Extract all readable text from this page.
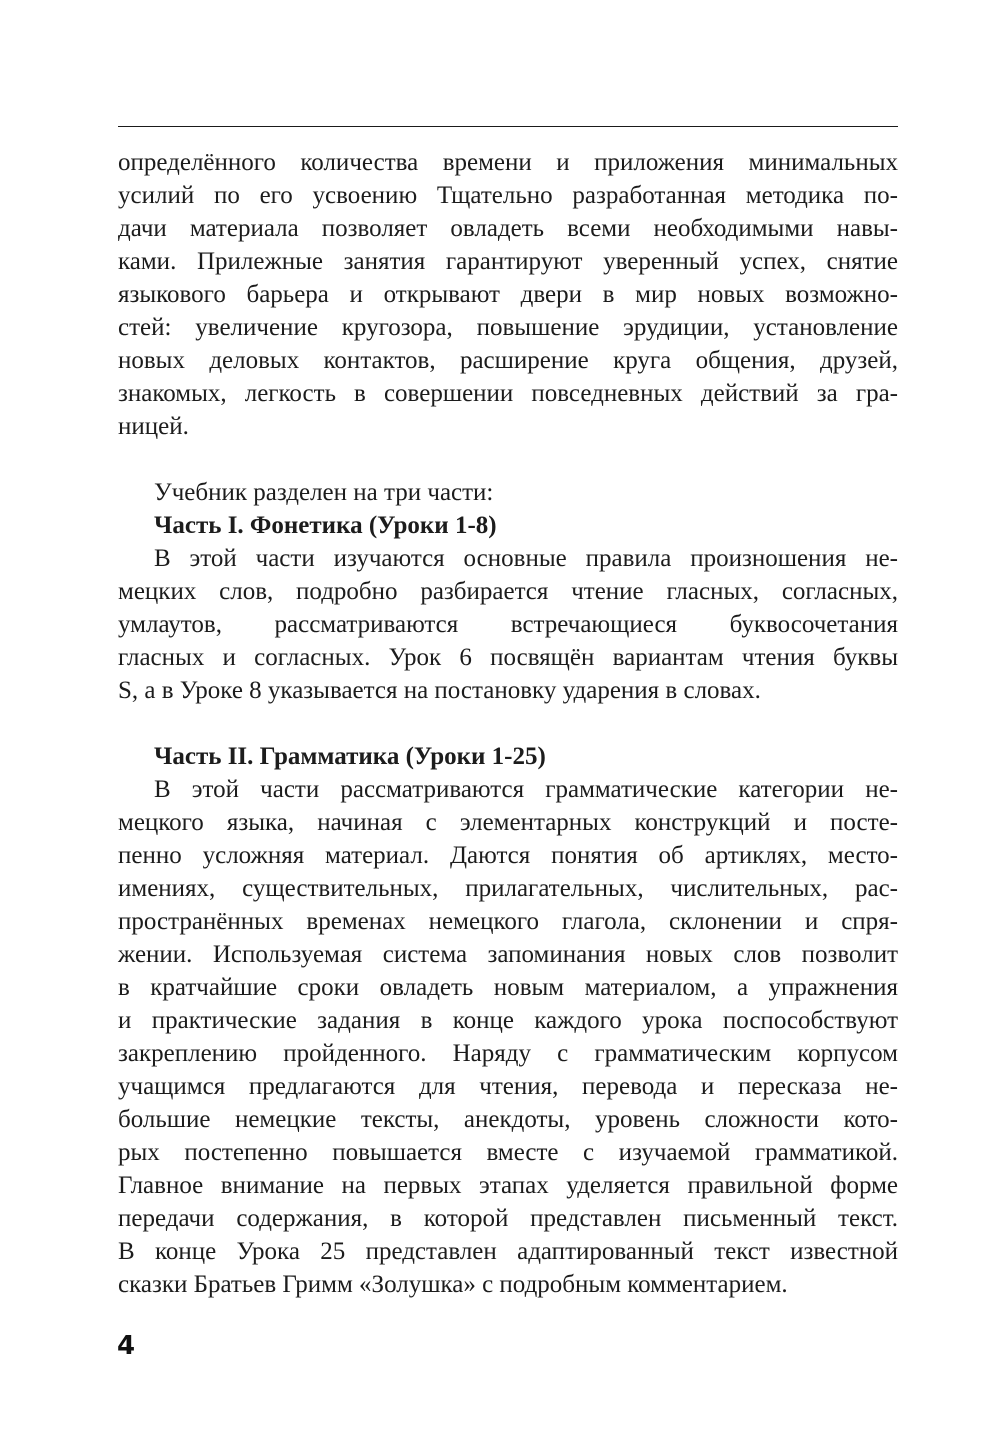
определённого количества времени и приложения минимальных
усилий по его усвоению Тщательно разработанная методика по-
дачи материала позволяет овладеть всеми необходимыми навы-
ками. Прилежные занятия гарантируют уверенный успех, снятие
языкового барьера и открывают двери в мир новых возможно-
стей: увеличение кругозора, повышение эрудиции, установление
новых деловых контактов, расширение круга общения, друзей,
знакомых, легкость в совершении повседневных действий за гра-
ницей.
Учебник разделен на три части:
Часть I. Фонетика (Уроки 1-8)
В этой части изучаются основные правила произношения не-
мецких слов, подробно разбирается чтение гласных, согласных,
умлаутов, рассматриваются встречающиеся буквосочетания
гласных и согласных. Урок 6 посвящён вариантам чтения буквы
S, а в Уроке 8 указывается на постановку ударения в словах.
Часть II. Грамматика (Уроки 1-25)
В этой части рассматриваются грамматические категории не-
мецкого языка, начиная с элементарных конструкций и посте-
пенно усложняя материал. Даются понятия об артиклях, место-
имениях, существительных, прилагательных, числительных, рас-
пространённых временах немецкого глагола, склонении и спря-
жении. Используемая система запоминания новых слов позволит
в кратчайшие сроки овладеть новым материалом, а упражнения
и практические задания в конце каждого урока поспособствуют
закреплению пройденного. Наряду с грамматическим корпусом
учащимся предлагаются для чтения, перевода и пересказа не-
большие немецкие тексты, анекдоты, уровень сложности кото-
рых постепенно повышается вместе с изучаемой грамматикой.
Главное внимание на первых этапах уделяется правильной форме
передачи содержания, в которой представлен письменный текст.
В конце Урока 25 представлен адаптированный текст известной
сказки Братьев Гримм «Золушка» с подробным комментарием.
4
